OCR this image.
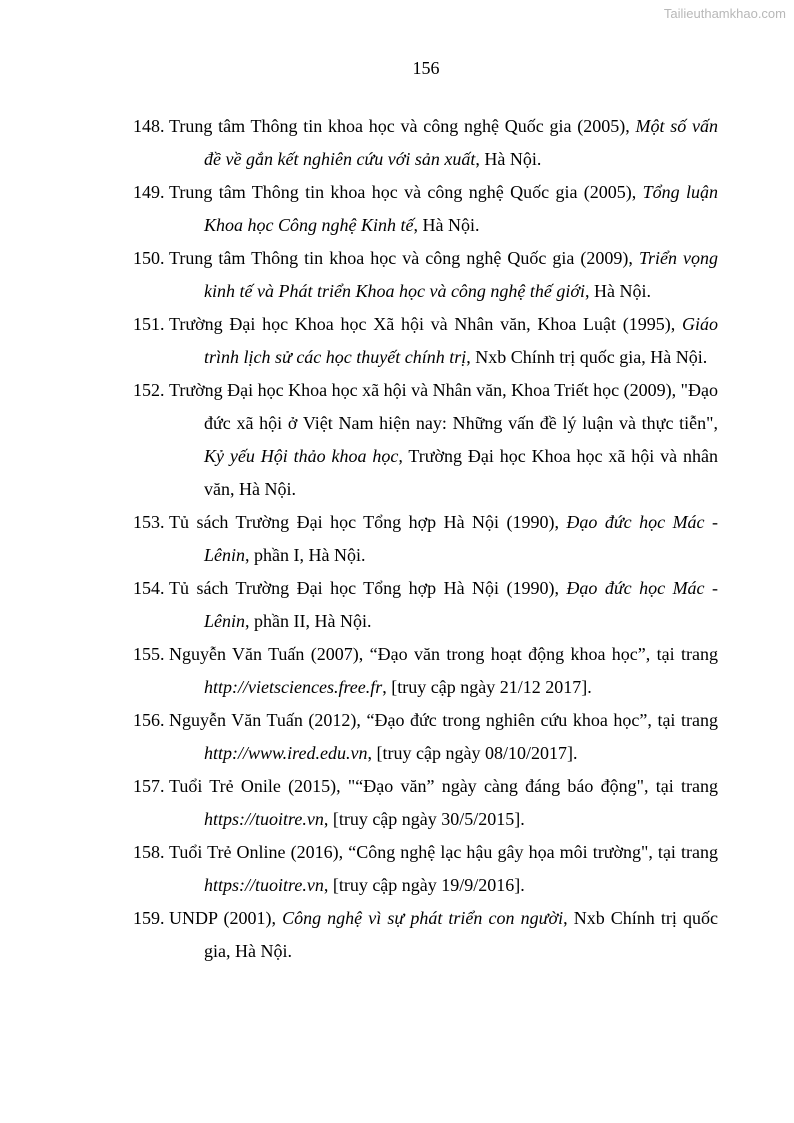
Tailieuthamkhao.com
156
148. Trung tâm Thông tin khoa học và công nghệ Quốc gia (2005), Một số vấn đề về gắn kết nghiên cứu với sản xuất, Hà Nội.
149. Trung tâm Thông tin khoa học và công nghệ Quốc gia (2005), Tổng luận Khoa học Công nghệ Kinh tế, Hà Nội.
150. Trung tâm Thông tin khoa học và công nghệ Quốc gia (2009), Triển vọng kinh tế và Phát triển Khoa học và công nghệ thế giới, Hà Nội.
151. Trường Đại học Khoa học Xã hội và Nhân văn, Khoa Luật (1995), Giáo trình lịch sử các học thuyết chính trị, Nxb Chính trị quốc gia, Hà Nội.
152. Trường Đại học Khoa học xã hội và Nhân văn, Khoa Triết học (2009), "Đạo đức xã hội ở Việt Nam hiện nay: Những vấn đề lý luận và thực tiễn", Kỷ yếu Hội thảo khoa học, Trường Đại học Khoa học xã hội và nhân văn, Hà Nội.
153. Tủ sách Trường Đại học Tổng hợp Hà Nội (1990), Đạo đức học Mác - Lênin, phần I, Hà Nội.
154. Tủ sách Trường Đại học Tổng hợp Hà Nội (1990), Đạo đức học Mác - Lênin, phần II, Hà Nội.
155. Nguyễn Văn Tuấn (2007), “Đạo văn trong hoạt động khoa học”, tại trang http://vietsciences.free.fr, [truy cập ngày 21/12 2017].
156. Nguyễn Văn Tuấn (2012), “Đạo đức trong nghiên cứu khoa học”, tại trang http://www.ired.edu.vn, [truy cập ngày 08/10/2017].
157. Tuổi Trẻ Onile (2015), "“Đạo văn” ngày càng đáng báo động", tại trang https://tuoitre.vn, [truy cập ngày 30/5/2015].
158. Tuổi Trẻ Online (2016), “Công nghệ lạc hậu gây họa môi trường", tại trang https://tuoitre.vn, [truy cập ngày 19/9/2016].
159. UNDP (2001), Công nghệ vì sự phát triển con người, Nxb Chính trị quốc gia, Hà Nội.
